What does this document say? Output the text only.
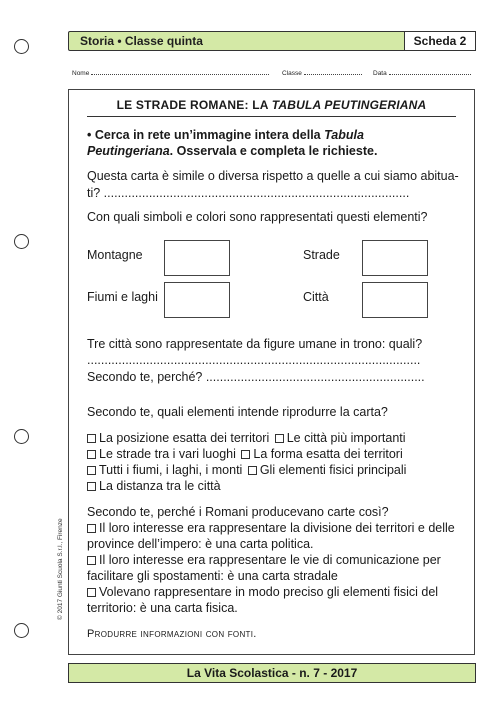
Storia • Classe quinta	Scheda 2
Nome	Classe	Data
LE STRADE ROMANE: LA TABULA PEUTINGERIANA
• Cerca in rete un’immagine intera della Tabula
Peutingeriana. Osservala e completa le richieste.
Questa carta è simile o diversa rispetto a quelle a cui siamo abitua-
ti? ........................................................................................
Con quali simboli e colori sono rappresentati questi elementi?
Montagne	Strade
Fiumi e laghi	Città
Tre città sono rappresentate da figure umane in trono: quali?
................................................................................................
Secondo te, perché? ...............................................................
Secondo te, quali elementi intende riprodurre la carta?
La posizione esatta dei territori Le città più importanti
Le strade tra i vari luoghi La forma esatta dei territori
Tutti i fiumi, i laghi, i monti Gli elementi fisici principali
La distanza tra le città
Secondo te, perché i Romani producevano carte così?
Il loro interesse era rappresentare la divisione dei territori e delle
province dell’impero: è una carta politica.
Il loro interesse era rappresentare le vie di comunicazione per
facilitare gli spostamenti: è una carta stradale
Volevano rappresentare in modo preciso gli elementi fisici del
territorio: è una carta fisica.
Produrre informazioni con fonti.
© 2017 Giunti Scuola S.r.l., Firenze
La Vita Scolastica - n. 7 - 2017
